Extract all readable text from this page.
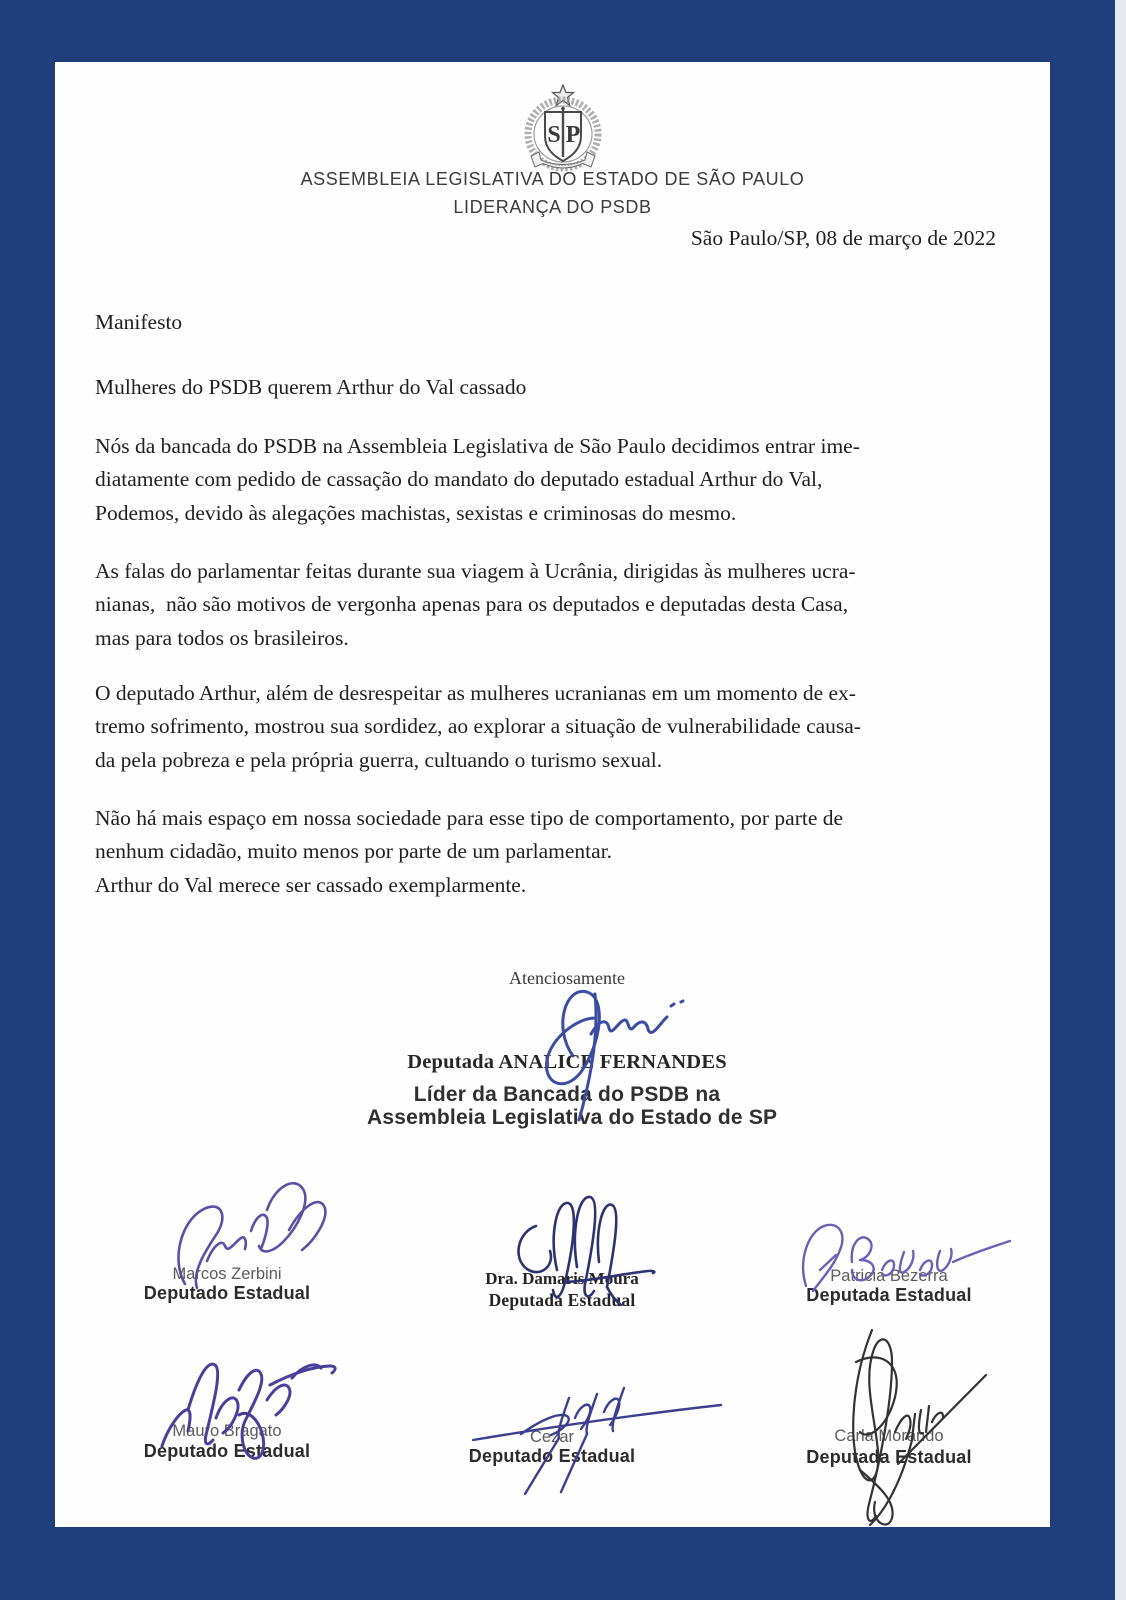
S P
ASSEMBLEIA LEGISLATIVA DO ESTADO DE SÃO PAULO
LIDERANÇA DO PSDB
São Paulo/SP, 08 de março de 2022
Manifesto
Mulheres do PSDB querem Arthur do Val cassado
Nós da bancada do PSDB na Assembleia Legislativa de São Paulo decidimos entrar ime-
diatamente com pedido de cassação do mandato do deputado estadual Arthur do Val,
Podemos, devido às alegações machistas, sexistas e criminosas do mesmo.
As falas do parlamentar feitas durante sua viagem à Ucrânia, dirigidas às mulheres ucra-
nianas,  não são motivos de vergonha apenas para os deputados e deputadas desta Casa,
mas para todos os brasileiros.
O deputado Arthur, além de desrespeitar as mulheres ucranianas em um momento de ex-
tremo sofrimento, mostrou sua sordidez, ao explorar a situação de vulnerabilidade causa-
da pela pobreza e pela própria guerra, cultuando o turismo sexual.
Não há mais espaço em nossa sociedade para esse tipo de comportamento, por parte de
nenhum cidadão, muito menos por parte de um parlamentar.
Arthur do Val merece ser cassado exemplarmente.
Atenciosamente
Deputada ANALICE FERNANDES
Líder da Bancada do PSDB na
Assembleia Legislativa do Estado de SP
Marcos Zerbini
Deputado Estadual
Dra. Damaris Moura
Deputada Estadual
Patricia Bezerra
Deputada Estadual
Mauro Bragato
Deputado Estadual
Cezar
Deputado Estadual
Carla Morando
Deputada Estadual
